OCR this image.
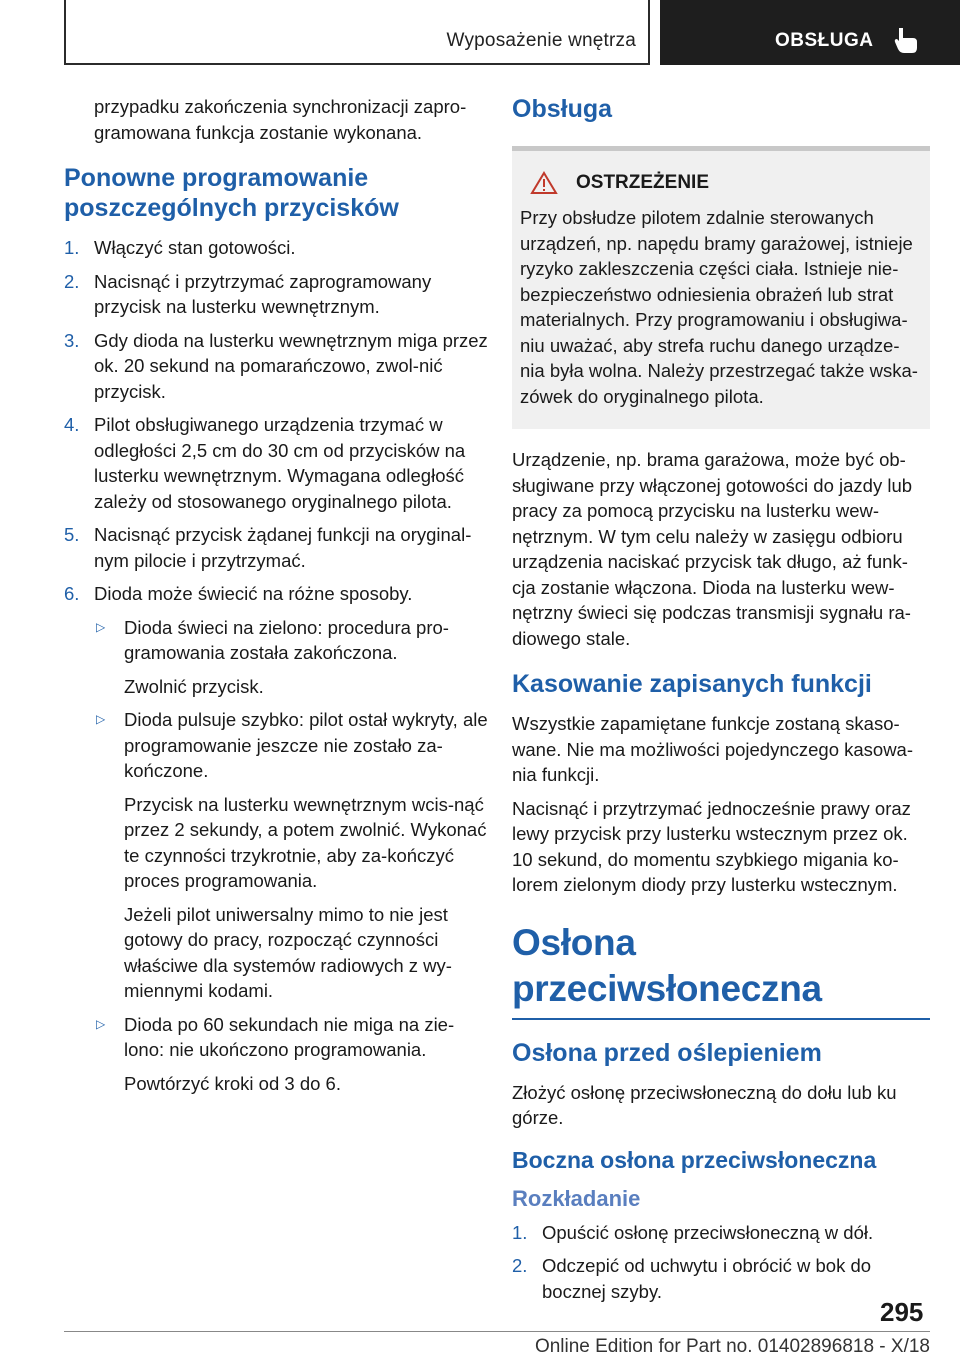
Wyposażenie wnętrza	OBSŁUGA

przypadku zakończenia synchronizacji zapro-gramowana funkcja zostanie wykonana.

Ponowne programowanie poszczególnych przycisków
1. Włączyć stan gotowości.
2. Nacisnąć i przytrzymać zaprogramowany przycisk na lusterku wewnętrznym.
3. Gdy dioda na lusterku wewnętrznym miga przez ok. 20 sekund na pomarańczowo, zwol-nić przycisk.
4. Pilot obsługiwanego urządzenia trzymać w odległości 2,5 cm do 30 cm od przycisków na lusterku wewnętrznym. Wymagana odległość zależy od stosowanego oryginalnego pilota.
5. Nacisnąć przycisk żądanej funkcji na oryginal-nym pilocie i przytrzymać.
6. Dioda może świecić na różne sposoby.
▷ Dioda świeci na zielono: procedura pro-gramowania została zakończona.

Zwolnić przycisk.

▷ Dioda pulsuje szybko: pilot ostał wykryty, ale programowanie jeszcze nie zostało za-kończone.

Przycisk na lusterku wewnętrznym wcis-nąć przez 2 sekundy, a potem zwolnić. Wykonać te czynności trzykrotnie, aby za-kończyć proces programowania.

Jeżeli pilot uniwersalny mimo to nie jest gotowy do pracy, rozpocząć czynności właściwe dla systemów radiowych z wy-miennymi kodami.

▷ Dioda po 60 sekundach nie miga na zie-lono: nie ukończono programowania.

Powtórzyć kroki od 3 do 6.

Obsługa
OSTRZEŻENIE

Przy obsłudze pilotem zdalnie sterowanych urządzeń, np. napędu bramy garażowej, istnieje ryzyko zakleszczenia części ciała. Istnieje nie-bezpieczeństwo odniesienia obrażeń lub strat materialnych. Przy programowaniu i obsługiwa-niu uważać, aby strefa ruchu danego urządze-nia była wolna. Należy przestrzegać także wska-zówek do oryginalnego pilota.

Urządzenie, np. brama garażowa, może być ob-sługiwane przy włączonej gotowości do jazdy lub pracy za pomocą przycisku na lusterku wew-nętrznym. W tym celu należy w zasięgu odbioru urządzenia naciskać przycisk tak długo, aż funk-cja zostanie włączona. Dioda na lusterku wew-nętrzny świeci się podczas transmisji sygnału ra-diowego stale.

Kasowanie zapisanych funkcji

Wszystkie zapamiętane funkcje zostaną skaso-wane. Nie ma możliwości pojedynczego kasowa-nia funkcji.

Nacisnąć i przytrzymać jednocześnie prawy oraz lewy przycisk przy lusterku wstecznym przez ok. 10 sekund, do momentu szybkiego migania ko-lorem zielonym diody przy lusterku wstecznym.

Osłona przeciwsłoneczna
Osłona przed oślepieniem

Złożyć osłonę przeciwsłoneczną do dołu lub ku górze.

Boczna osłona przeciwsłoneczna
Rozkładanie
1. Opuścić osłonę przeciwsłoneczną w dół.
2. Odczepić od uchwytu i obrócić w bok do bocznej szyby.
295
Online Edition for Part no. 01402896818 - X/18
